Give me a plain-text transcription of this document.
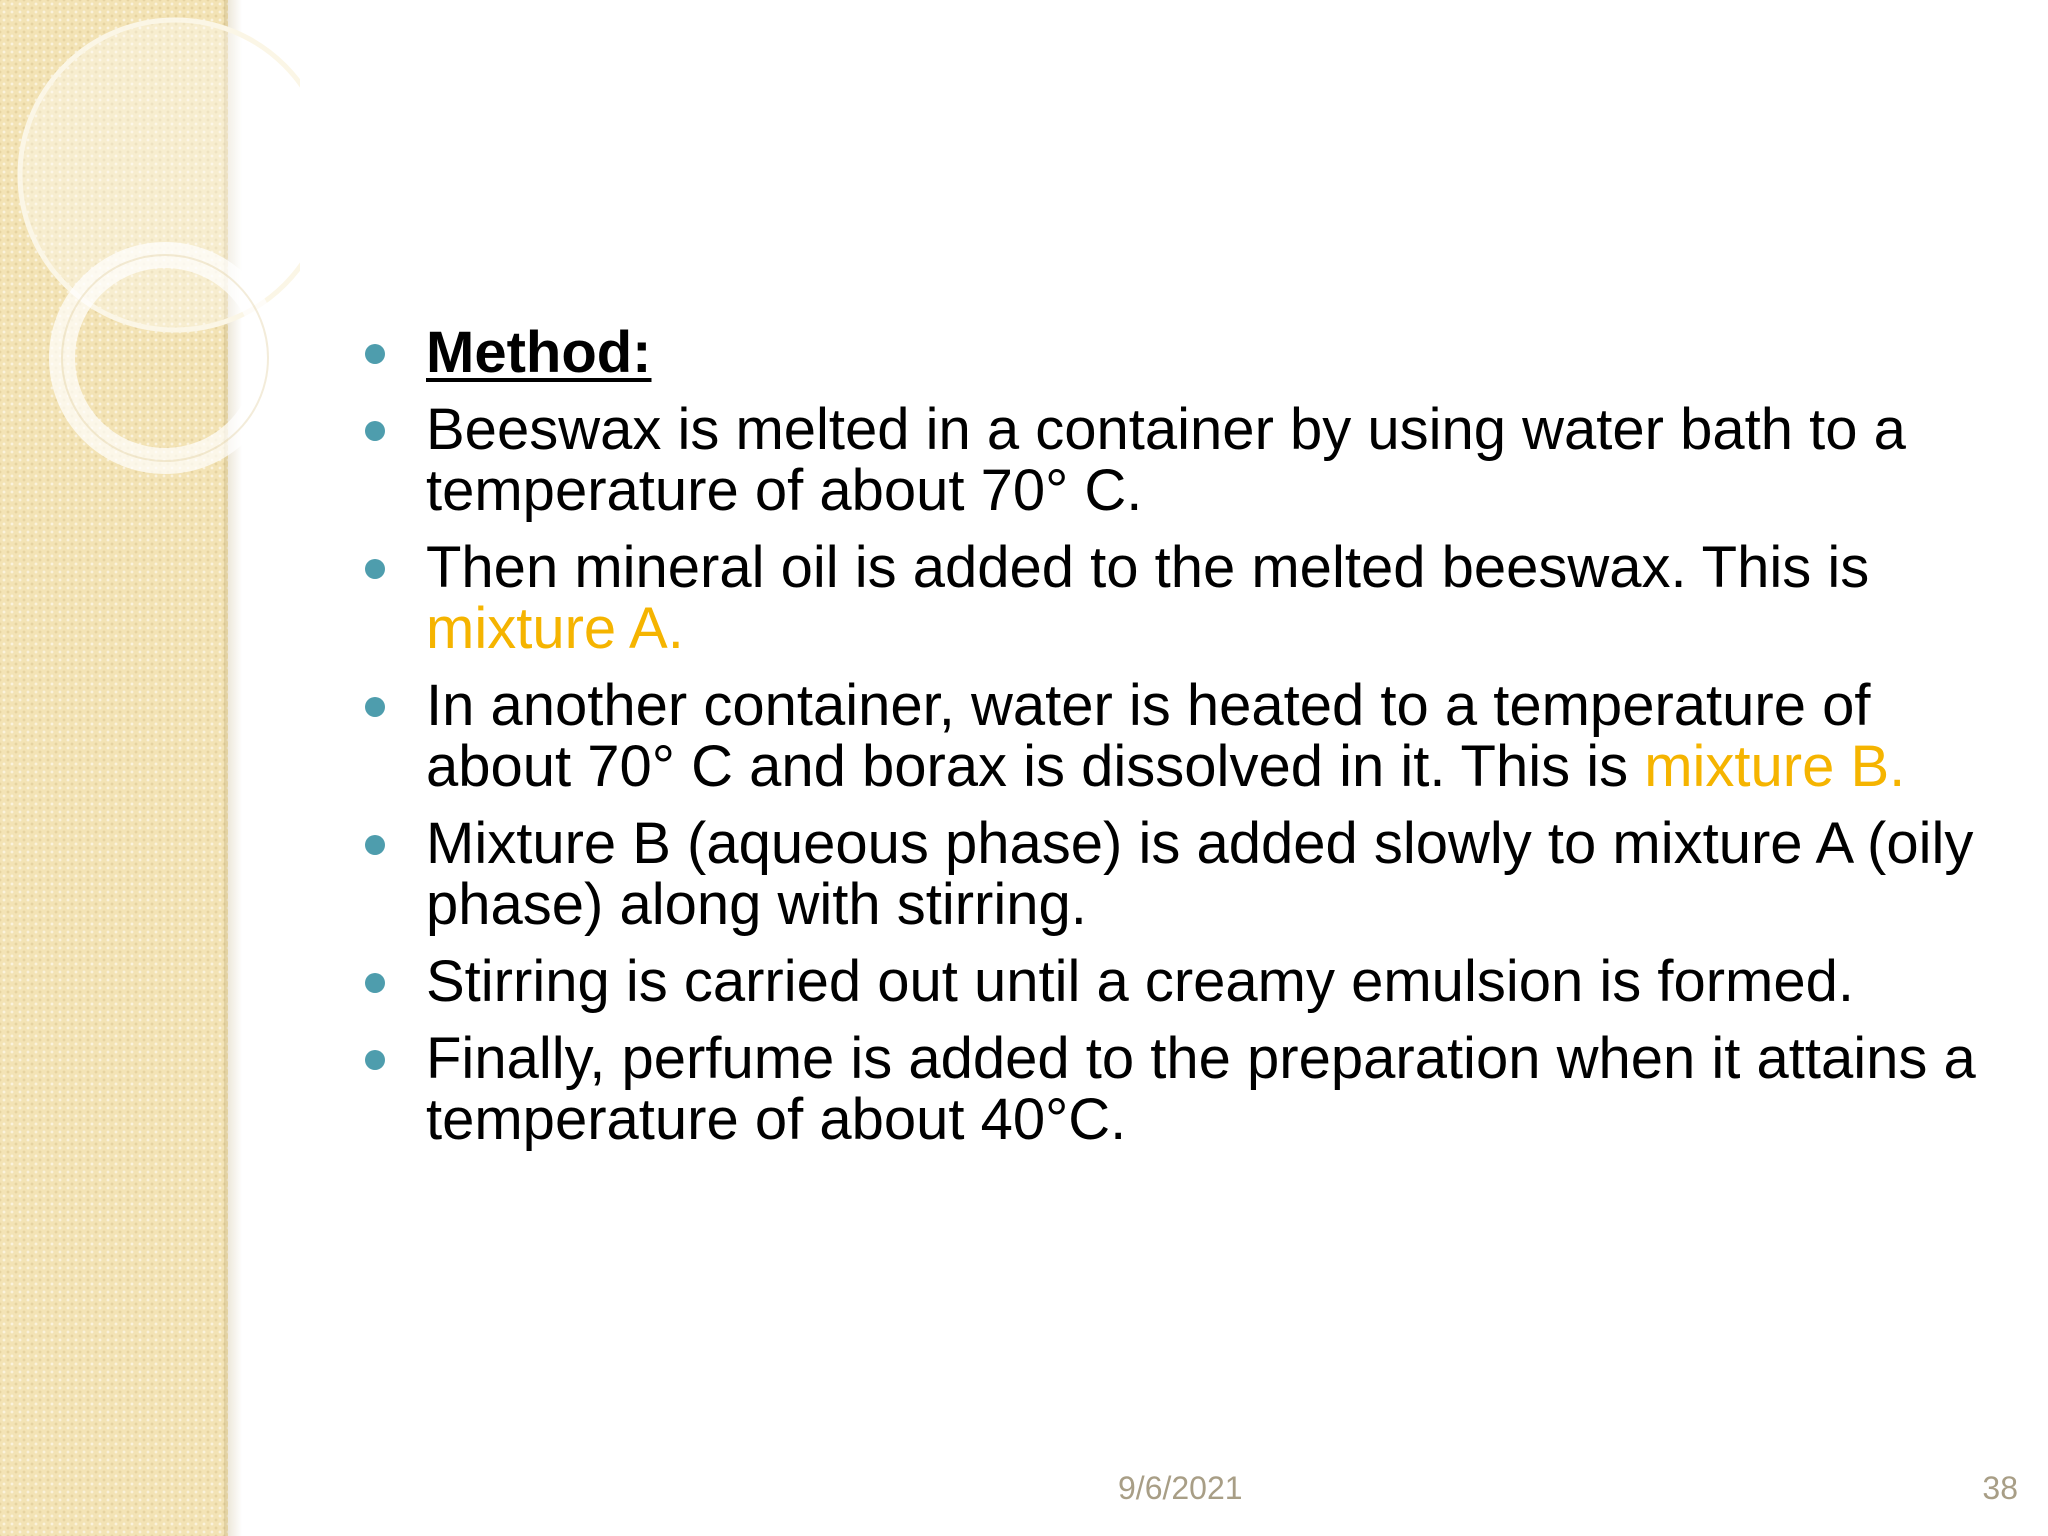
Method:
Beeswax is melted in a container by using water bath to a temperature of about 70° C.
Then mineral oil is added to the melted beeswax. This is mixture A.
In another container, water is heated to a temperature of about 70° C and borax is dissolved in it. This is mixture B.
Mixture B (aqueous phase) is added slowly to mixture A (oily phase) along with stirring.
Stirring is carried out until a creamy emulsion is formed.
Finally, perfume is added to the preparation when it attains a temperature of about 40°C.
9/6/2021	38
